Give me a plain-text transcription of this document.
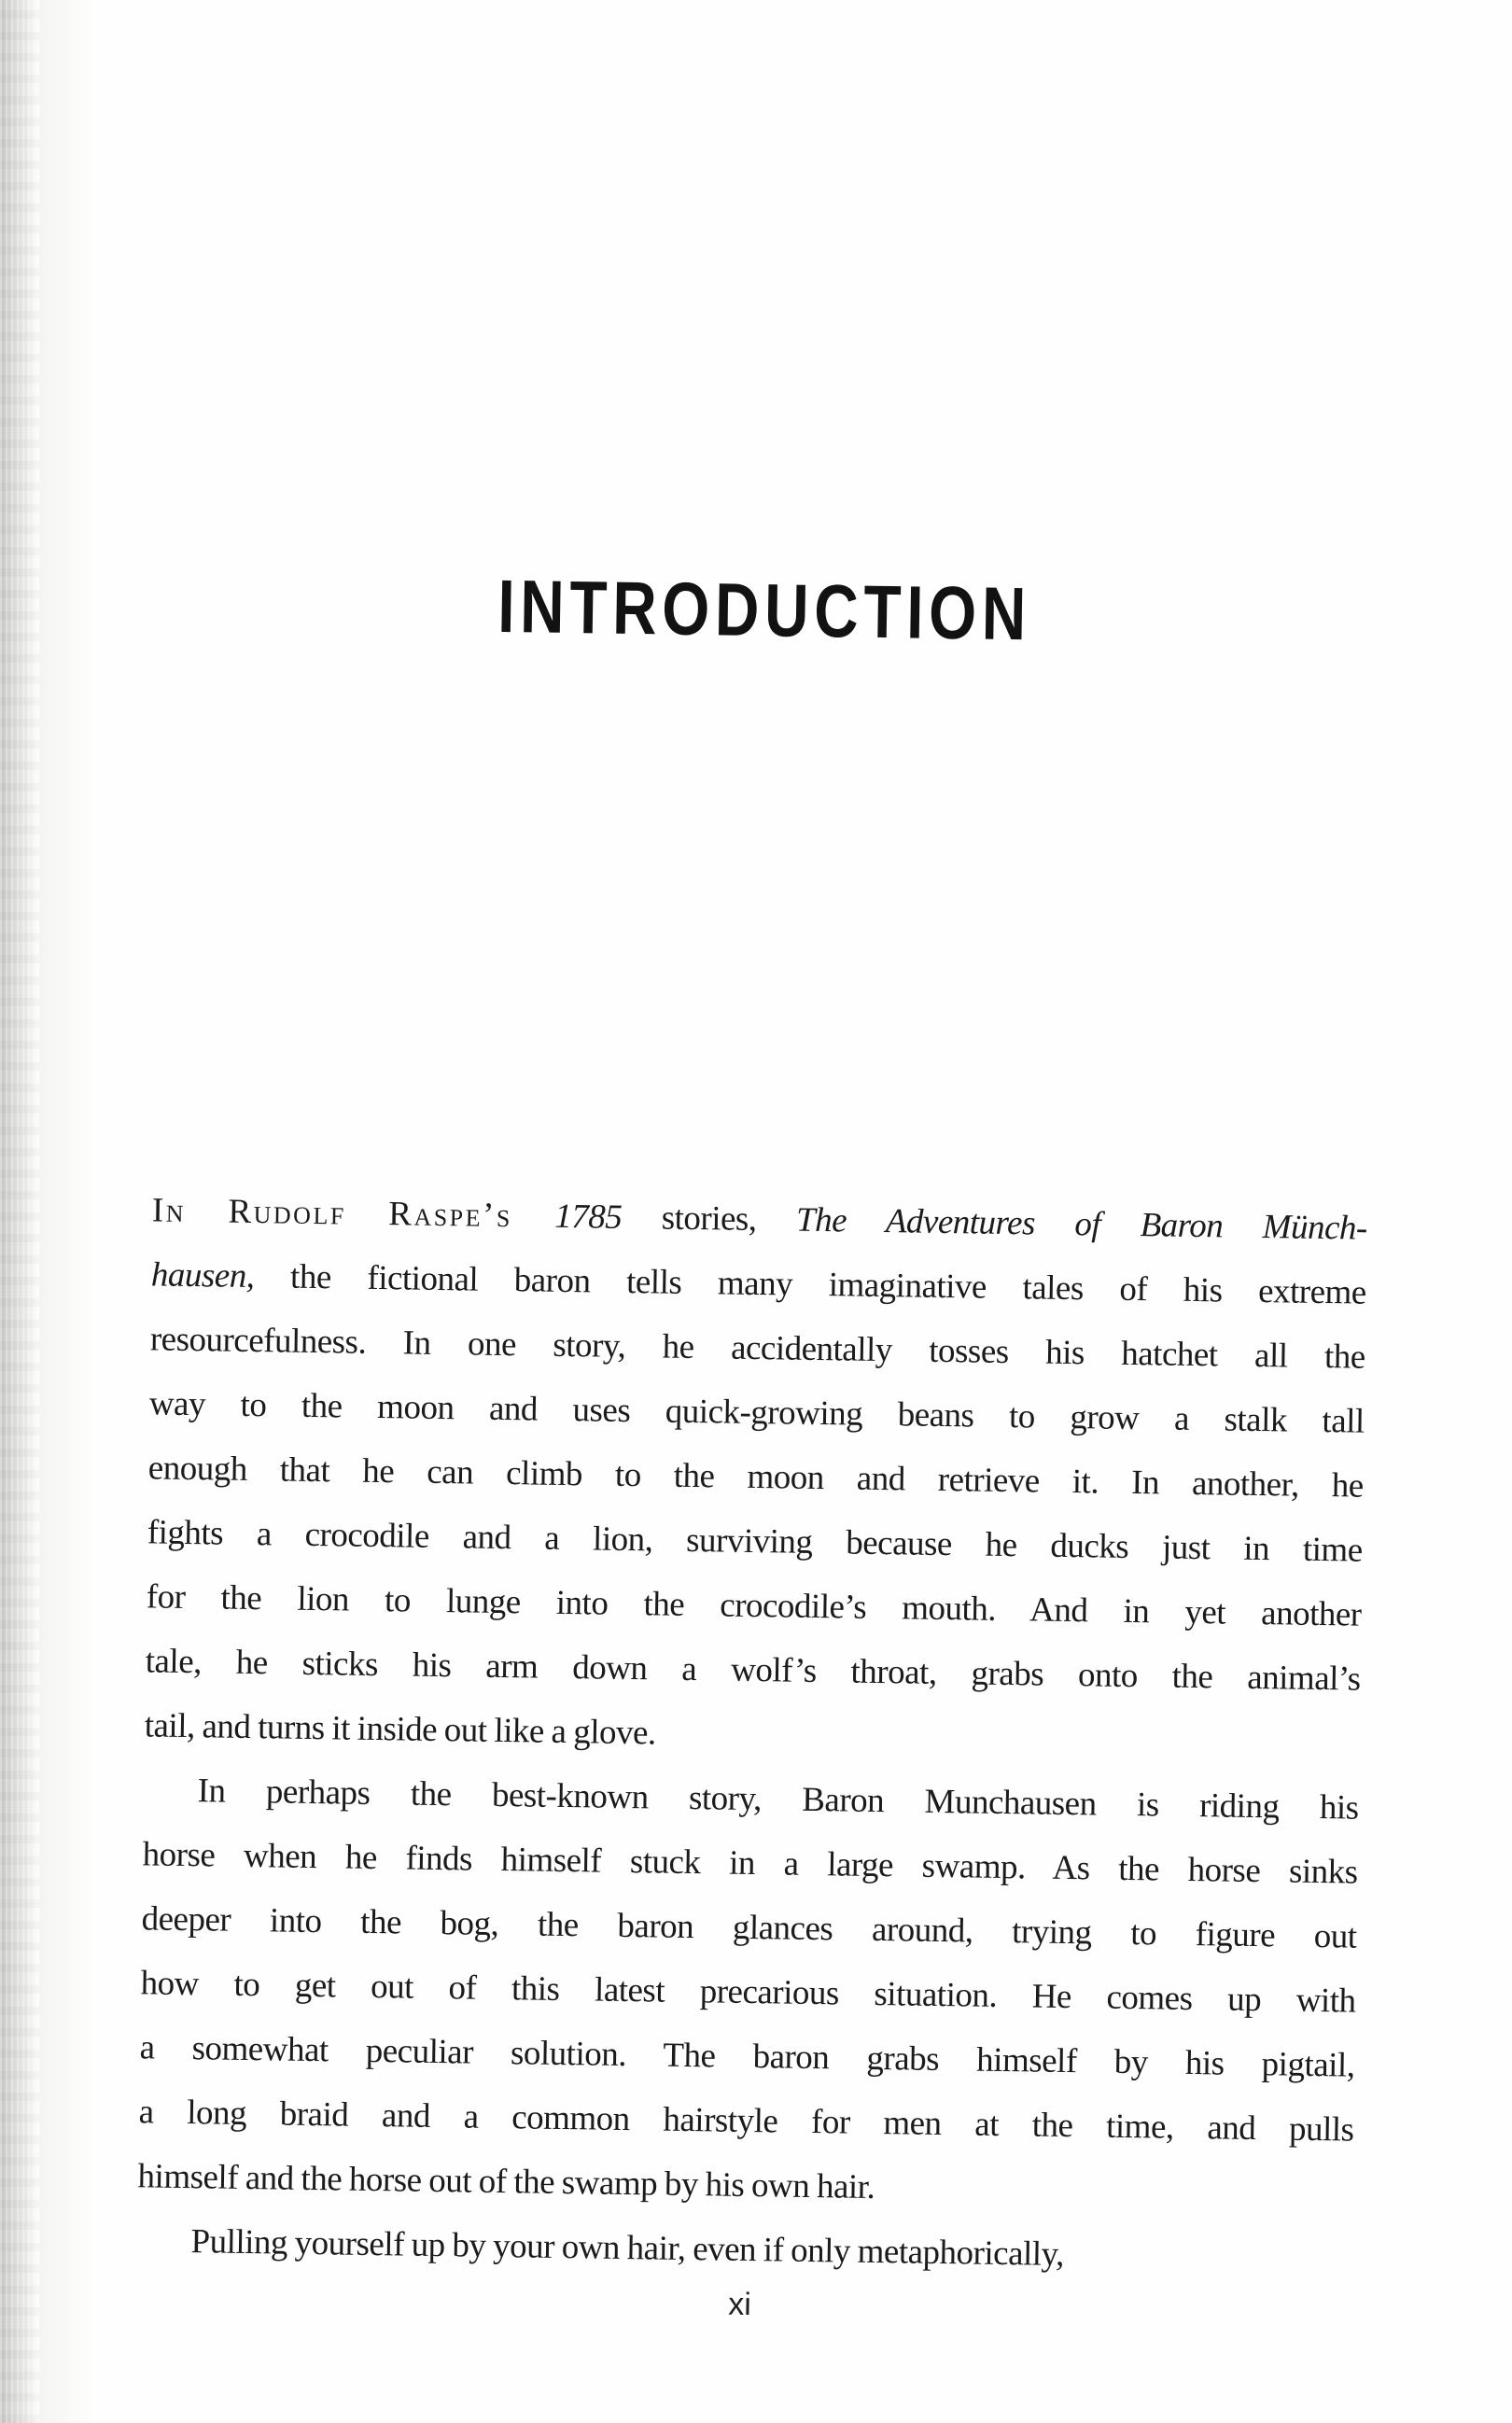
INTRODUCTION
In Rudolf Raspe’s 1785 stories, The Adventures of Baron Münch-
hausen, the fictional baron tells many imaginative tales of his extreme
resourcefulness. In one story, he accidentally tosses his hatchet all the
way to the moon and uses quick-growing beans to grow a stalk tall
enough that he can climb to the moon and retrieve it. In another, he
fights a crocodile and a lion, surviving because he ducks just in time
for the lion to lunge into the crocodile’s mouth. And in yet another
tale, he sticks his arm down a wolf’s throat, grabs onto the animal’s
tail, and turns it inside out like a glove.
In perhaps the best-known story, Baron Munchausen is riding his
horse when he finds himself stuck in a large swamp. As the horse sinks
deeper into the bog, the baron glances around, trying to figure out
how to get out of this latest precarious situation. He comes up with
a somewhat peculiar solution. The baron grabs himself by his pigtail,
a long braid and a common hairstyle for men at the time, and pulls
himself and the horse out of the swamp by his own hair.
Pulling yourself up by your own hair, even if only metaphorically,
xi
